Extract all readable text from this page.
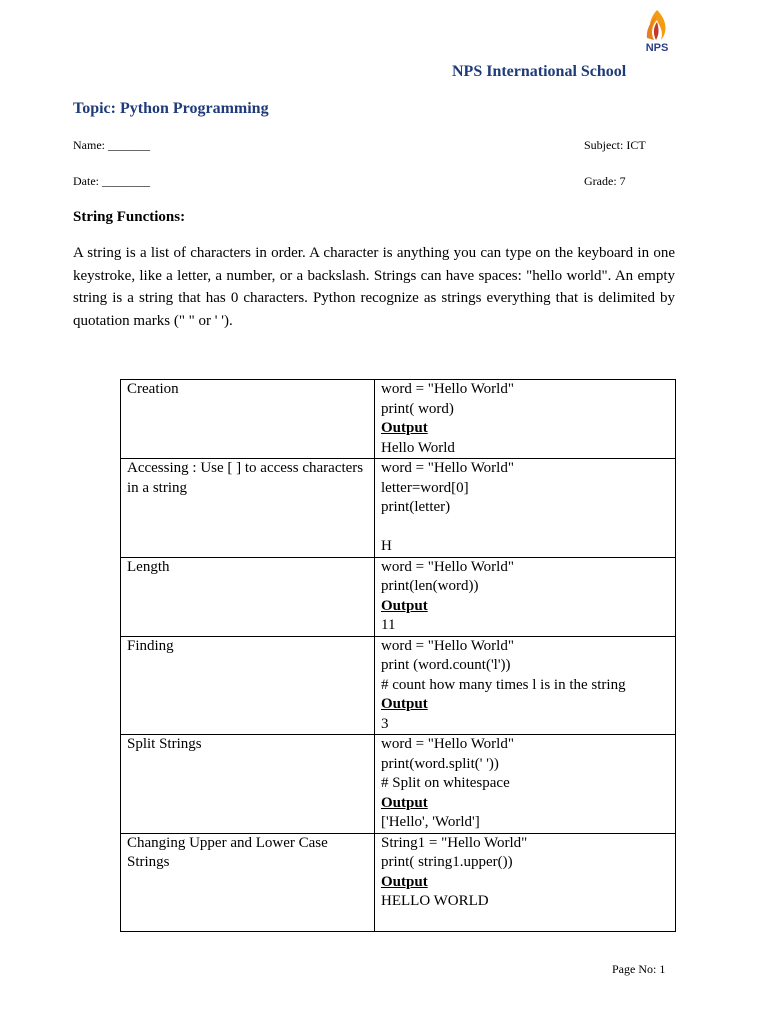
NPS
NPS International School
Topic: Python Programming
Name: _______	Subject: ICT
Date: ________	Grade: 7
String Functions:

A string is a list of characters in order. A character is anything you can type on the keyboard in one keystroke, like a letter, a number, or a backslash. Strings can have spaces: "hello world". An empty string is a string that has 0 characters. Python recognize as strings everything that is delimited by quotation marks (" " or ' ').

Creation	word = "Hello World"
print( word)
Output
Hello World

Accessing : Use [ ] to access characters in a string	word = "Hello World"
letter=word[0]
print(letter)
H

Length	word = "Hello World"
print(len(word))
Output
11

Finding	word = "Hello World"
print (word.count('l'))
# count how many times l is in the string
Output
3

Split Strings	word = "Hello World"
print(word.split(' '))
# Split on whitespace
Output
['Hello', 'World']

Changing Upper and Lower Case Strings	String1 = "Hello World"
print( string1.upper())
Output
HELLO WORLD
Page No: 1
